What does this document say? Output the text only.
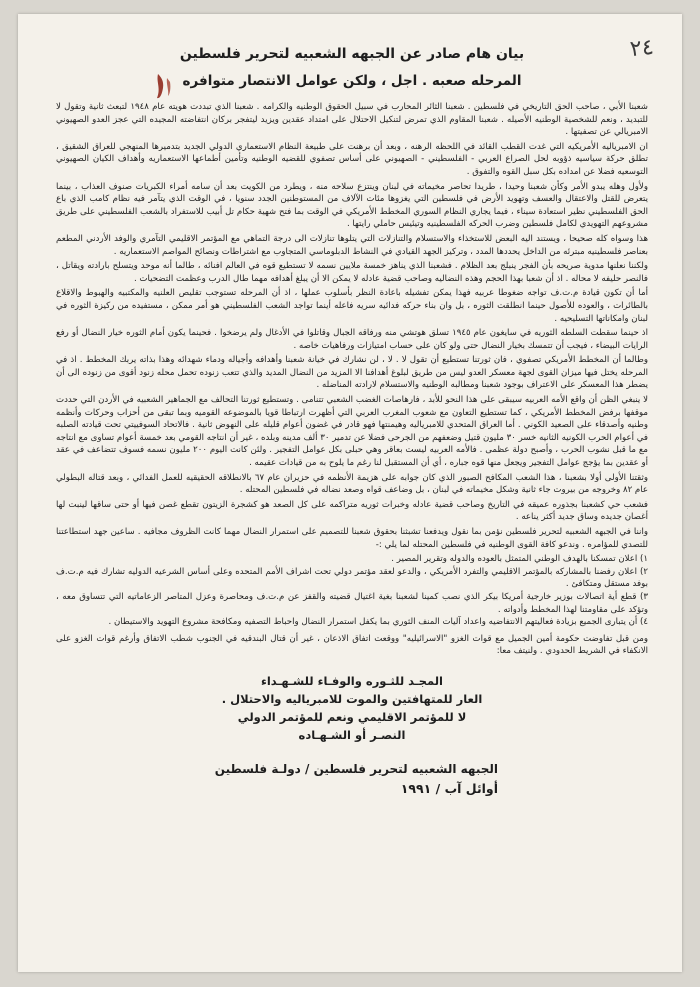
٢٤
بيان هام صادر عن الجبهه الشعبيه لتحرير فلسطين
المرحله صعبه . اجل ، ولكن عوامل الانتصار متوافره

شعبنا الأبي ، صاحب الحق التاريخي في فلسطين . شعبنا الثائر المحارب في سبيل الحقوق الوطنيه والكرامه . شعبنا الذي تبددت هويته عام ١٩٤٨ لتبعث ثانية وتقول لا للتبديد ، ونعم للشخصية الوطنيه الأصيله . شعبنا المقاوم الذي تمرض لتنكيل الاحتلال على امتداد عقدين ويزيد ليتفجر بركان انتفاضته المجيده التي عجز العدو الصهيوني الامبريالي عن تصفيتها .

ان الامبرياليه الأمريكيه التي غدت القطب القائد في اللحظه الرهنه ، وبعد أن برهنت على طبيعة النظام الاستعماري الدولي الجديد بتدميرها المنهجي للعراق الشقيق ، تطلق حركة سياسيه ذؤوبه لحل الصراع العربي - الفلسطيني - الصهيوني على أساس تصفوي للقضيه الوطنيه وتأمين أطماعها الاستعماريه وأهداف الكيان الصهيوني التوسعيه فضلا عن امداده بكل سبل القوه والتفوق .

ولأول وهله يبدو الأمر وكأن شعبنا وحيدا ، طريدا تحاصر مخيماته في لبنان وينتزع سلاحه منه ، ويطرد من الكويت بعد أن سامه أمراء الكبريات صنوف العذاب ، بينما يتعرض للقتل والاعتقال والعسف وتهويد الأرض في فلسطين التي يغزوها مئات الآلاف من المستوطنين الجدد سنويا ، في الوقت الذي يتآمر فيه نظام كامب الذي باع الحق الفلسطيني نظير استعادة سيناء ، فيما يجاري النظام السوري المخطط الأمريكي في الوقت بما فتح شهية حكام تل أبيب للاستفراد بالشعب الفلسطيني على طريق مشروعهم التهويدي لكامل فلسطين وضرب الحركه الفلسطينيه وتيئيس حاملي رايتها .

هذا وسواه كله صحيحا ، ويستند اليه البعض للاستخذاء والاستسلام والتنازلات التي يتلوها تنازلات الى درجة التماهي مع المؤتمر الاقليمي التآمري والوفد الأردني المطعم بعناصر فلسطينيه مبترئه من الداخل يحددها المدد ، وتركيز الجهد القيادي في النشاط الدبلوماسي المتجاوب مع اشتراطات ونصائح المواصم الاستعماريه .

ولكننا نعلنها مدوية صريحه بأن الفجر ينبلج بعد الظلام . فشعبنا الذي يناهز خمسة ملايين نسمه لا تستطيع قوه في العالم افنائه ، طالما أنه موحد ويتسلح بارادته ويقاتل ، فالنصر حليفه لا محاله . اذ أن شعبا بهذا الحجم وهذه النضاليه وصاحب قضية عادله لا يمكن الا أن يبلغ أهدافه مهما طال الدرب وعظمت التضحيات .

أما أن تكون قيادة م.ت.ف تواجه ضغوطا عربيه فهذا يمكن تفشيله باعادة النظر بأسلوب عملها ، اذ أن المرحله تستوجب تقليص العلنيه والمكتبيه والهبوط والاقلاع بالطائرات ، والعوده للأصول حينما انطلقت الثوره ، بل وان بناء حركه فدائيه سريه فاعله أينما تواجد الشعب الفلسطيني هو أمر ممكن ، مستفيده من ركيزة الثوره في لبنان وامكاناتها التسليحيه .

اذ حينما سقطت السلطه الثوريه في سايغون عام ١٩٤٥ تسلق هوتشي منه ورفاقه الجبال وقاتلوا في الأدغال ولم يرضخوا . فحينما يكون أمام الثوره خيار النضال أو رفع الرايات البيضاء ، فيجب أن تتمسك بخيار النضال حتى ولو كان على حساب امتيازات ورفاهيات خاصه .

وطالما أن المخطط الأمريكي تصفوي ، فان ثورتنا تستطيع أن تقول لا . لا ، لن نشارك في خيانة شعبنا وأهدافه وأجياله ودماء شهدائه وهذا بذاته يربك المخطط . اذ في المرحله يختل فيها ميزان القوى لجهة معسكر العدو ليس من طريق لبلوغ أهدافنا الا المزيد من النضال المديد والذي تتعب زنوده تحمل محله زنود أقوى من زنوده الى أن يضطر هذا المعسكر على الاعتراف بوجود شعبنا ومطالبه الوطنيه والاستسلام لارادته المناضله .

لا ينبغي الظن أن واقع الأمه العربيه سيبقى على هذا النحو للأبد ، فارهاصات الغضب الشعبي تتنامى . وتستطيع ثورتنا التحالف مع الجماهير الشعبيه في الأردن التي حددت موقفها برفض المخطط الأمريكي ، كما تستطيع التعاون مع شعوب المغرب العربي التي أظهرت ارتباطا قويا بالموضوعه القوميه وبما تبقى من أحزاب وحركات وأنظمه وطنيه وأصدقاء على الصعيد الكوني . أما العراق المتحدي للامبرياليه وهيمنتها فهو قادر في غضون أعوام قليله على النهوض ثانية . فالاتحاد السوفييتي تحت قيادته الصلبه في أعوام الحرب الكونيه الثانيه خسر ٣٠ مليون قتيل وضعفهم من الجرحى فضلا عن تدمير ٣٠ ألف مدينه وبلده ، غير أن انتاجه القومي بعد خمسة أعوام تساوى مع انتاجه مع ما قبل نشوب الحرب ، وأصبح دولة عظمى . فالأمه العربيه ليست بعاقر وهي حبلى بكل عوامل التفجير . ولئن كانت اليوم ٢٠٠ مليون نسمه فسوف تتضاعف في عقد أو عقدين بما يؤجج عوامل التفجير ويجعل منها قوه جباره ، أي أن المستقبل لنا رغم ما يلوح به من قيادات عقيمه .

وثقتنا الأولى أولا بشعبنا ، هذا الشعب المكافح الصبور الذي كان جوابه على هزيمة الأنظمه في حزيران عام ٦٧ بالانطلاقه الحقيقيه للعمل الفدائي ، وبعد قتاله البطولي عام ٨٢ وخروجه من بيروت جاء ثانية وشكل مخيماته في لبنان ، بل وضاعف قواه وصعد نضاله في فلسطين المحتله .

فشعب حي كشعبنا بجذوره عميقه في التاريخ وصاحب قضية عادله وخبرات ثوريه متراكمه على كل الصعد هو كشجرة الزيتون تقطع غصن فيها أو حتى ساقها لينبت لها أغصان جديده وساق جديد أكثر يناعه .

واننا في الجبهه الشعبيه لتحرير فلسطين نؤمن بما نقول ويدفعنا تشبثنا بحقوق شعبنا للتصميم على استمرار النضال مهما كانت الظروف مجافيه . ساعين جهد استطاعتنا للتصدي للمؤامره . وندعو كافة القوى الوطنيه في فلسطين المحتله لما يلي :-

١) اعلان تمسكنا بالهدف الوطني المتمثل بالعوده والدوله وتقرير المصير .
٢) اعلان رفضنا بالمشاركه بالمؤتمر الاقليمي والتفرد الأمريكي ، والدعو لعقد مؤتمر دولي تحت اشراف الأمم المتحده وعلى أساس الشرعيه الدوليه تشارك فيه م.ت.ف بوفد مستقل ومتكافئ .
٣) قطع أية اتصالات بوزير خارجية أمريكا بيكر الذي نصب كمينا لشعبنا بغية اغتيال قضيته والقفز عن م.ت.ف ومحاصرة وعزل المتاصر الزعاماتيه التي تتساوق معه ، وتؤكد على مقاومتنا لهذا المخطط وأدواته .
٤) أن يتبارى الجميع بزيادة فعاليتهم الانتفاضيه واعداد آليات المنف الثوري بما يكفل استمرار النضال واحباط التصفيه ومكافحة مشروع التهويد والاستيطان .

ومن قبل تفاوضت حكومة أمين الجميل مع قوات الغزو "الاسرائيليه" ووقعت اتفاق الاذعان ، غير أن قتال البندقيه في الجنوب شطب الاتفاق وأرغم قوات الغزو على الانكفاء في الشريط الحدودي . ولنيتف معا:

المجـد للثـوره والوفـاء للشـهـداء
العار للمتهافتين والموت للامبرياليه والاحتلال .
لا للمؤتمر الاقليمي ونعم للمؤتمر الدولي
النصـر أو الشـهـاده
الجبهه الشعبيه لتحرير فلسطين / دولـة فلسطين
أوائل آب / ١٩٩١
